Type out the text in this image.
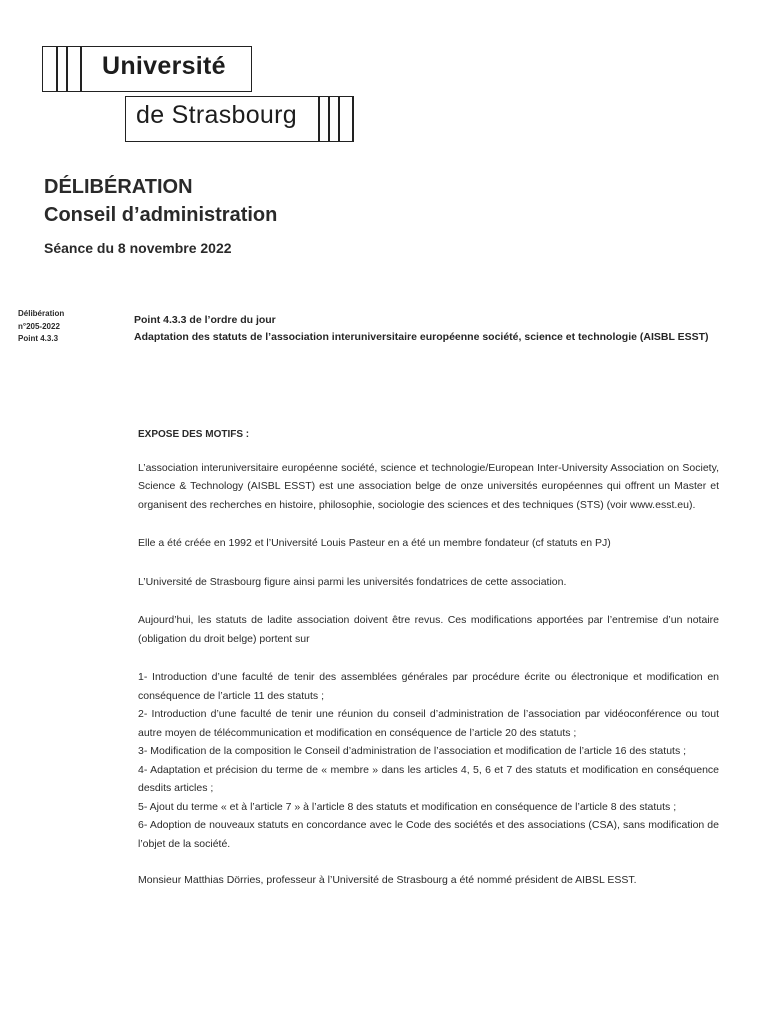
Université
de Strasbourg
DÉLIBÉRATION
Conseil d’administration
Séance du 8 novembre 2022
Délibération
n°205-2022
Point 4.3.3

Point 4.3.3 de l’ordre du jour

Adaptation des statuts de l’association interuniversitaire européenne société, science et technologie (AISBL ESST)

EXPOSE DES MOTIFS :

L’association interuniversitaire européenne société, science et technologie/European Inter-University Association on Society, Science & Technology (AISBL ESST) est une association belge de onze universités européennes qui offrent un Master et organisent des recherches en histoire, philosophie, sociologie des sciences et des techniques (STS) (voir www.esst.eu).

Elle a été créée en 1992 et l’Université Louis Pasteur en a été un membre fondateur (cf statuts en PJ)

L’Université de Strasbourg figure ainsi parmi les universités fondatrices de cette association.

Aujourd’hui, les statuts de ladite association doivent être revus. Ces modifications apportées par l’entremise d’un notaire (obligation du droit belge) portent sur

1- Introduction d’une faculté de tenir des assemblées générales par procédure écrite ou électronique et modification en conséquence de l’article 11 des statuts ;

2- Introduction d’une faculté de tenir une réunion du conseil d’administration de l’association par vidéoconférence ou tout autre moyen de télécommunication et modification en conséquence de l’article 20 des statuts ;

3- Modification de la composition le Conseil d’administration de l’association et modification de l’article 16 des statuts ;

4- Adaptation et précision du terme de « membre » dans les articles 4, 5, 6 et 7 des statuts et modification en conséquence desdits articles ;

5- Ajout du terme « et à l’article 7 » à l’article 8 des statuts et modification en conséquence de l’article 8 des statuts ;

6- Adoption de nouveaux statuts en concordance avec le Code des sociétés et des associations (CSA), sans modification de l’objet de la société.

Monsieur Matthias Dörries, professeur à l’Université de Strasbourg a été nommé président de AIBSL ESST.
